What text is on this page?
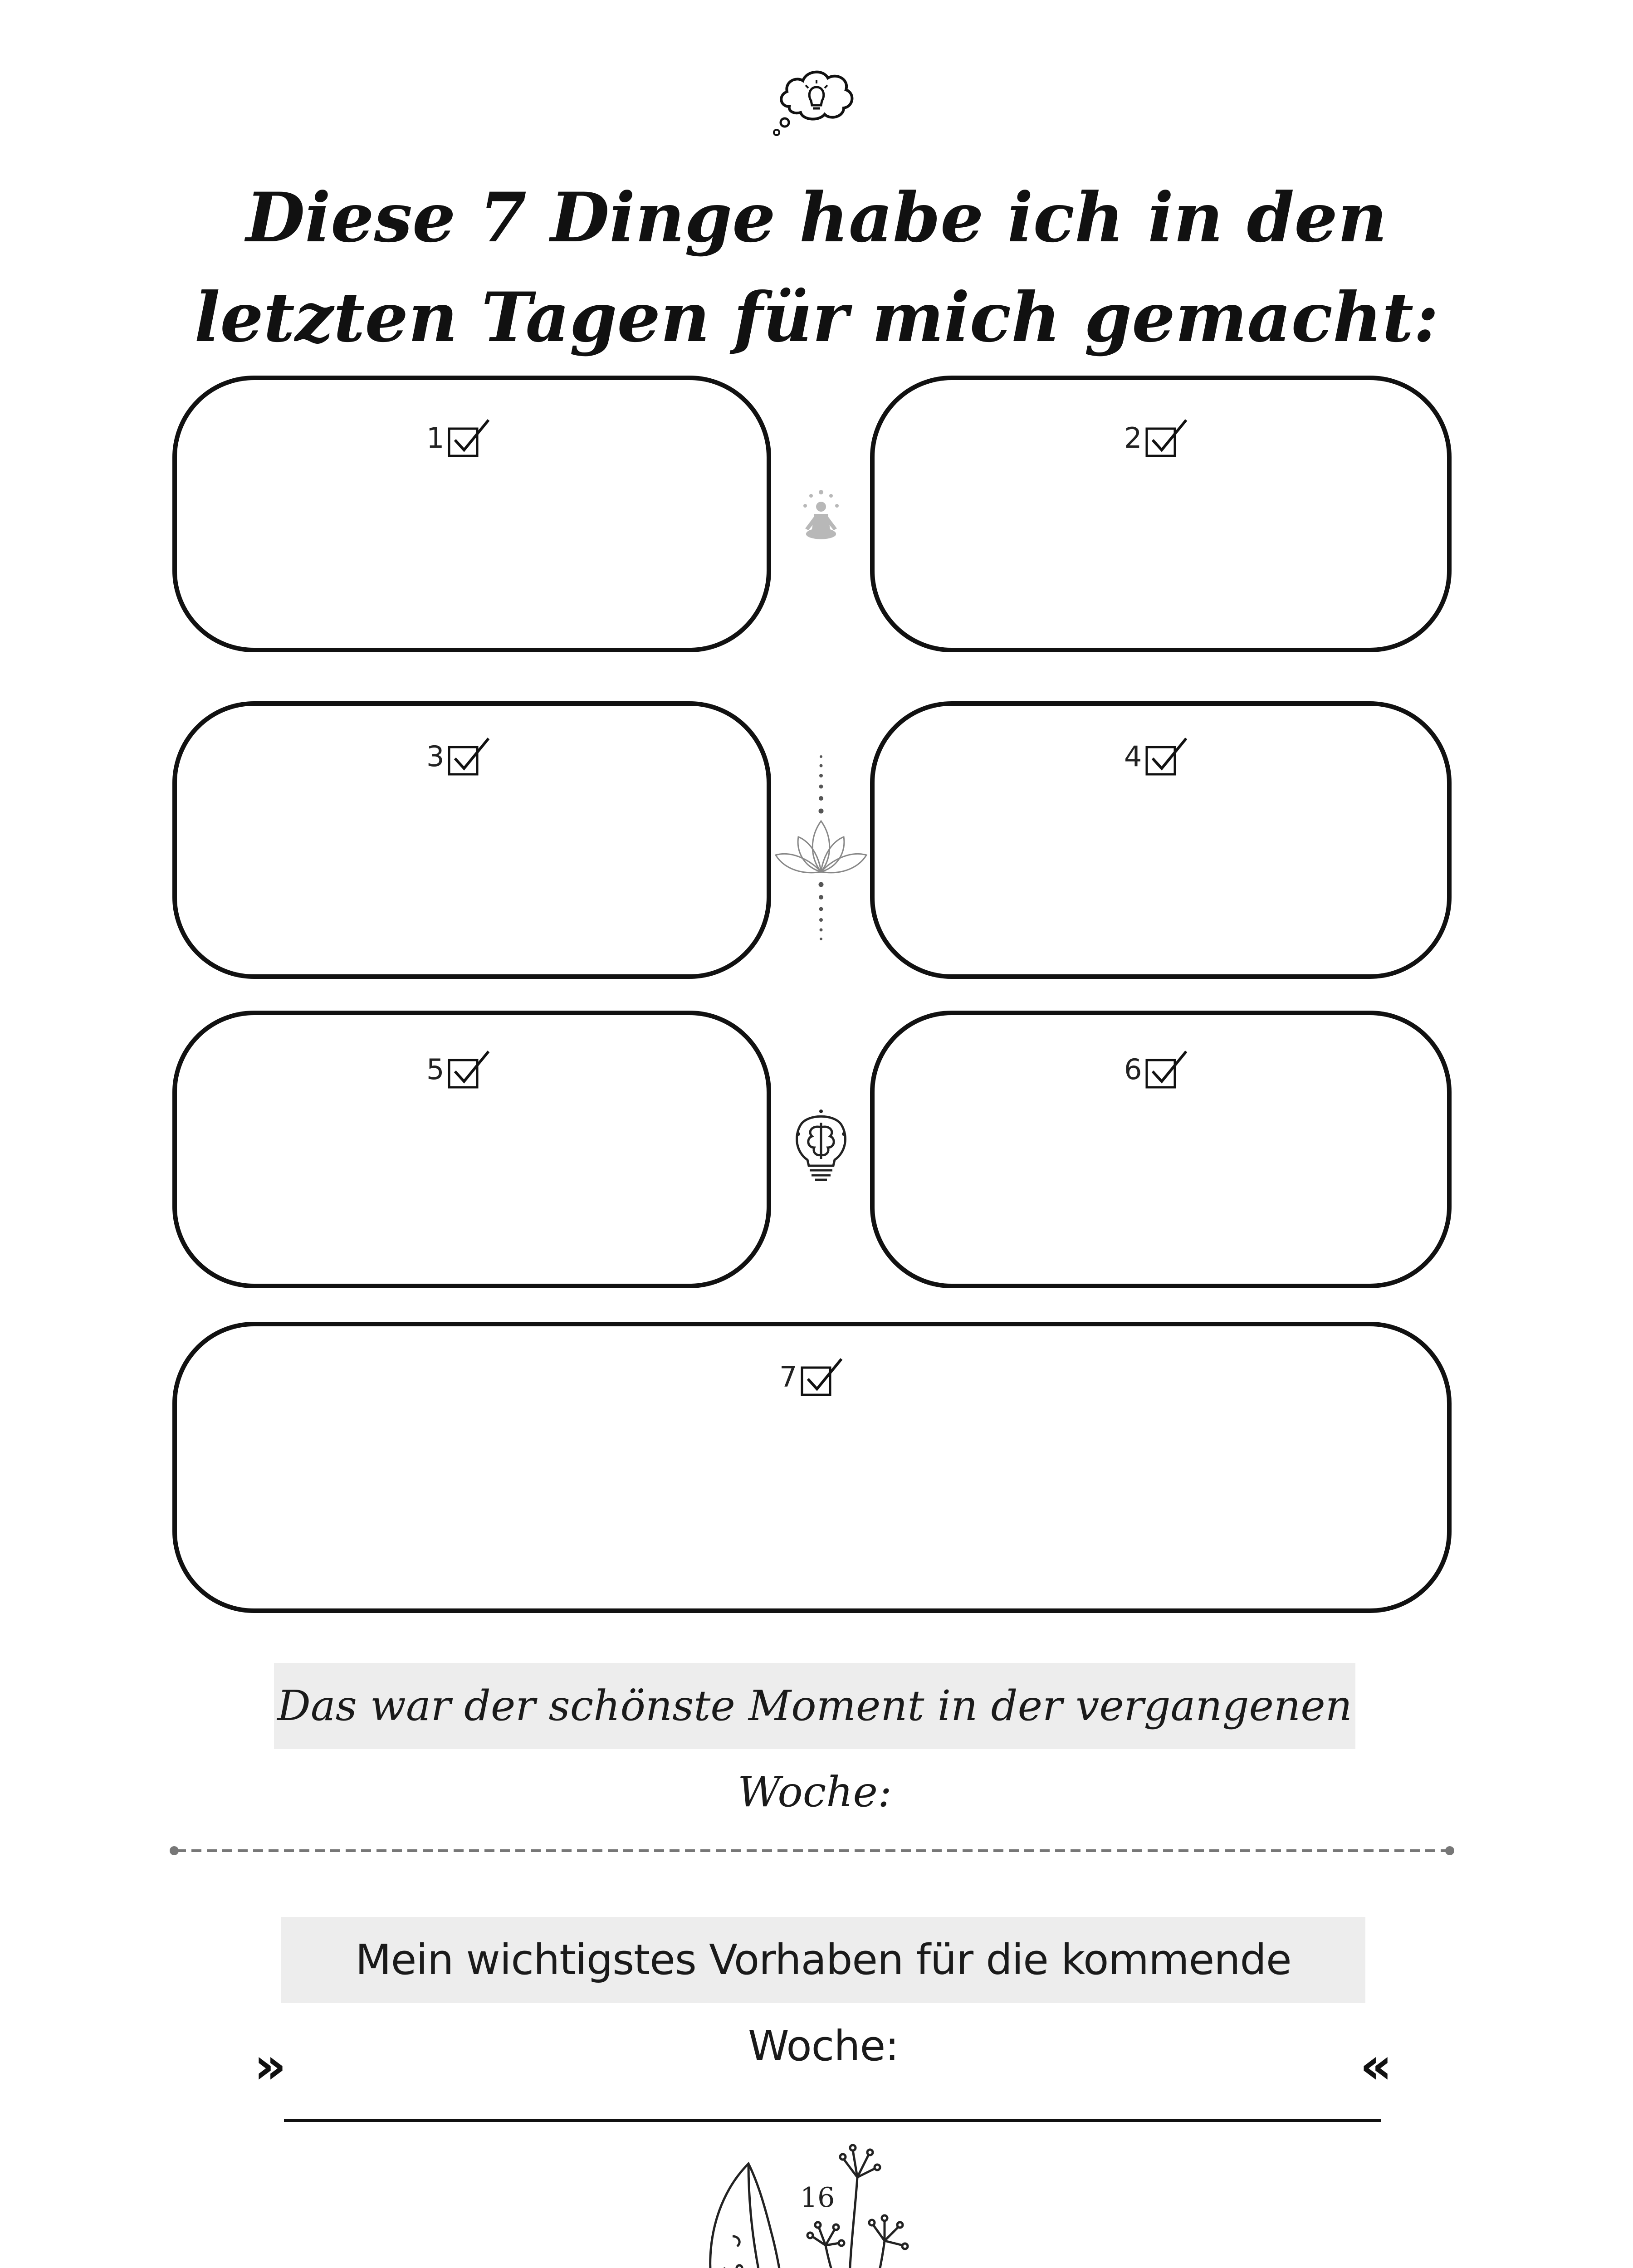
Diese 7 Dinge habe ich in den
letzten Tagen für mich gemacht:
1	2
3	4
5	6
7
Das war der schönste Moment in der vergangenen Woche:
Mein wichtigstes Vorhaben für die kommende Woche:
»	«
16
